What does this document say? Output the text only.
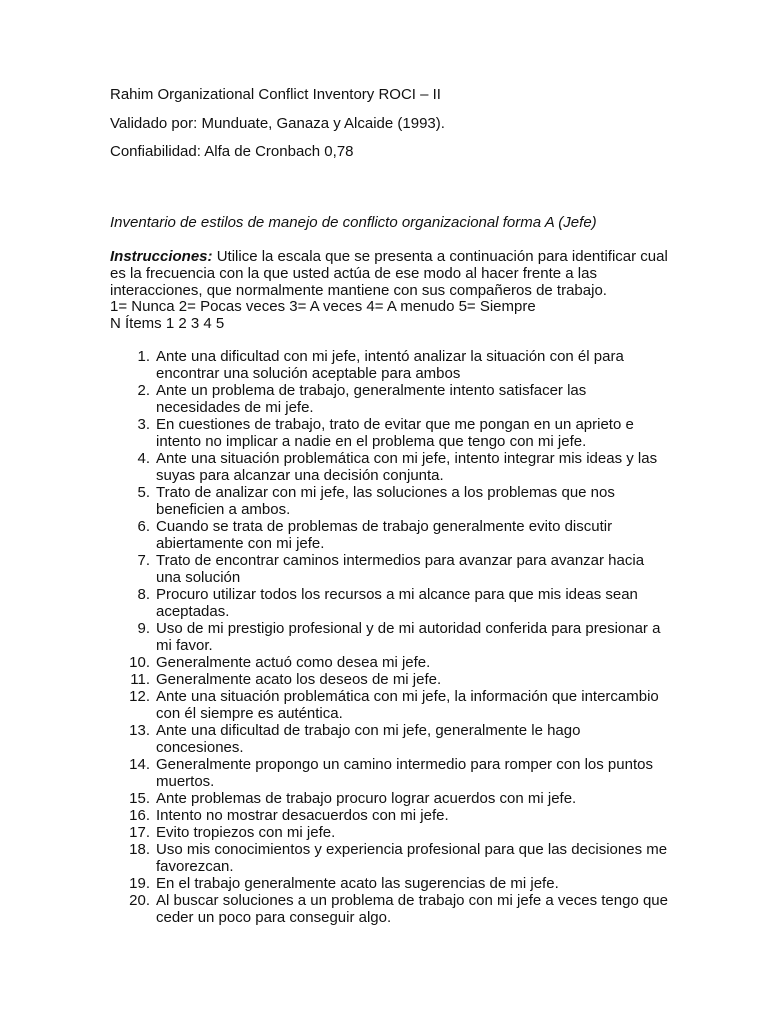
Rahim Organizational Conflict Inventory ROCI – II

Validado por: Munduate, Ganaza y Alcaide (1993).

Confiabilidad: Alfa de Cronbach 0,78

Inventario de estilos de manejo de conflicto organizacional forma A (Jefe)

Instrucciones: Utilice la escala que se presenta a continuación para identificar cual es la frecuencia con la que usted actúa de ese modo al hacer frente a las interacciones, que normalmente mantiene con sus compañeros de trabajo.

1= Nunca 2= Pocas veces 3= A veces 4= A menudo 5= Siempre

N Ítems 1 2 3 4 5

1. Ante una dificultad con mi jefe, intentó analizar la situación con él para encontrar una solución aceptable para ambos
2. Ante un problema de trabajo, generalmente intento satisfacer las necesidades de mi jefe.
3. En cuestiones de trabajo, trato de evitar que me pongan en un aprieto e intento no implicar a nadie en el problema que tengo con mi jefe.
4. Ante una situación problemática con mi jefe, intento integrar mis ideas y las suyas para alcanzar una decisión conjunta.
5. Trato de analizar con mi jefe, las soluciones a los problemas que nos beneficien a ambos.
6. Cuando se trata de problemas de trabajo generalmente evito discutir abiertamente con mi jefe.
7. Trato de encontrar caminos intermedios para avanzar para avanzar hacia una solución
8. Procuro utilizar todos los recursos a mi alcance para que mis ideas sean aceptadas.
9. Uso de mi prestigio profesional y de mi autoridad conferida para presionar a mi favor.
10. Generalmente actuó como desea mi jefe.
11. Generalmente acato los deseos de mi jefe.
12. Ante una situación problemática con mi jefe, la información que intercambio con él siempre es auténtica.
13. Ante una dificultad de trabajo con mi jefe, generalmente le hago concesiones.
14. Generalmente propongo un camino intermedio para romper con los puntos muertos.
15. Ante problemas de trabajo procuro lograr acuerdos con mi jefe.
16. Intento no mostrar desacuerdos con mi jefe.
17. Evito tropiezos con mi jefe.
18. Uso mis conocimientos y experiencia profesional para que las decisiones me favorezcan.
19. En el trabajo generalmente acato las sugerencias de mi jefe.
20. Al buscar soluciones a un problema de trabajo con mi jefe a veces tengo que ceder un poco para conseguir algo.
